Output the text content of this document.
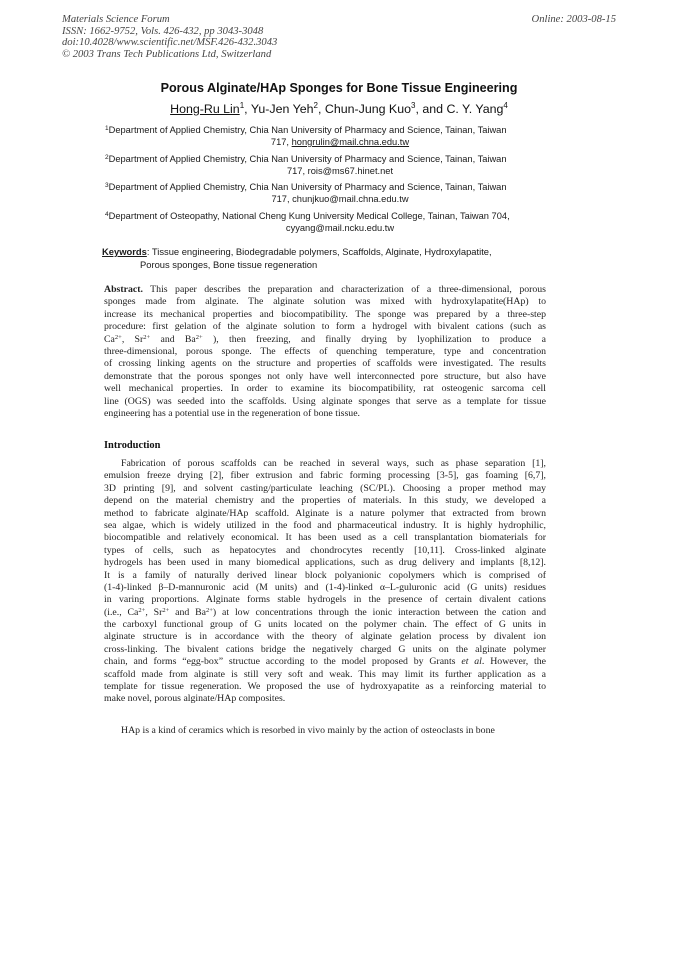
Materials Science Forum
ISSN: 1662-9752, Vols. 426-432, pp 3043-3048
doi:10.4028/www.scientific.net/MSF.426-432.3043
© 2003 Trans Tech Publications Ltd, Switzerland
Online: 2003-08-15
Porous Alginate/HAp Sponges for Bone Tissue Engineering
Hong-Ru Lin$^1$, Yu-Jen Yeh$^2$, Chun-Jung Kuo$^3$, and C. Y. Yang$^4$
$^1$Department of Applied Chemistry, Chia Nan University of Pharmacy and Science, Tainan, Taiwan
717, hongrulin@mail.chna.edu.tw
$^2$Department of Applied Chemistry, Chia Nan University of Pharmacy and Science, Tainan, Taiwan
717, rois@ms67.hinet.net
$^3$Department of Applied Chemistry, Chia Nan University of Pharmacy and Science, Tainan, Taiwan
717, chunjkuo@mail.chna.edu.tw
$^4$Department of Osteopathy, National Cheng Kung University Medical College, Tainan, Taiwan 704,
cyyang@mail.ncku.edu.tw
Keywords: Tissue engineering, Biodegradable polymers, Scaffolds, Alginate, Hydroxylapatite,
Porous sponges, Bone tissue regeneration
Abstract. This paper describes the preparation and characterization of a three-dimensional, porous
sponges made from alginate. The alginate solution was mixed with hydroxylapatite(HAp) to
increase its mechanical properties and biocompatibility. The sponge was prepared by a three-step
procedure: first gelation of the alginate solution to form a hydrogel with bivalent cations (such as
$Ca^{2+}$, $Sr^{2+}$ and $Ba^{2+}$ ), then freezing, and finally drying by lyophilization to produce a
three-dimensional, porous sponge. The effects of quenching temperature, type and concentration
of crossing linking agents on the structure and properties of scaffolds were investigated. The results
demonstrate that the porous sponges not only have well interconnected pore structure, but also have
well mechanical properties. In order to examine its biocompatibility, rat osteogenic sarcoma cell
line (OGS) was seeded into the scaffolds. Using alginate sponges that serve as a template for tissue
engineering has a potential use in the regeneration of bone tissue.
Introduction
Fabrication of porous scaffolds can be reached in several ways, such as phase separation [1],
emulsion freeze drying [2], fiber extrusion and fabric forming processing [3-5], gas foaming [6,7],
3D printing [9], and solvent casting/particulate leaching (SC/PL). Choosing a proper method may
depend on the material chemistry and the properties of materials. In this study, we developed a
method to fabricate alginate/HAp scaffold. Alginate is a nature polymer that extracted from brown
sea algae, which is widely utilized in the food and pharmaceutical industry. It is highly hydrophilic,
biocompatible and relatively economical. It has been used as a cell transplantation biomaterials for
types of cells, such as hepatocytes and chondrocytes recently [10,11]. Cross-linked alginate
hydrogels has been used in many biomedical applications, such as drug delivery and implants [8,12].
It is a family of naturally derived linear block polyanionic copolymers which is comprised of
(1-4)-linked β–D-mannuronic acid (M units) and (1-4)-linked α–L-guluronic acid (G units) residues
in varing proportions. Alginate forms stable hydrogels in the presence of certain divalent cations
(i.e., $Ca^{2+}$, $Sr^{2+}$ and $Ba^{2+}$) at low concentrations through the ionic interaction between the cation and
the carboxyl functional group of G units located on the polymer chain. The effect of G units in
alginate structure is in accordance with the theory of alginate gelation process by divalent ion
cross-linking. The bivalent cations bridge the negatively charged G units on the alginate polymer
chain, and forms “egg-box” structue according to the model proposed by Grants et al. However, the
scaffold made from alginate is still very soft and weak. This may limit its further application as a
template for tissue regeneration. We proposed the use of hydroxyapatite as a reinforcing material to
make novel, porous alginate/HAp composites.
HAp is a kind of ceramics which is resorbed in vivo mainly by the action of osteoclasts in bone
